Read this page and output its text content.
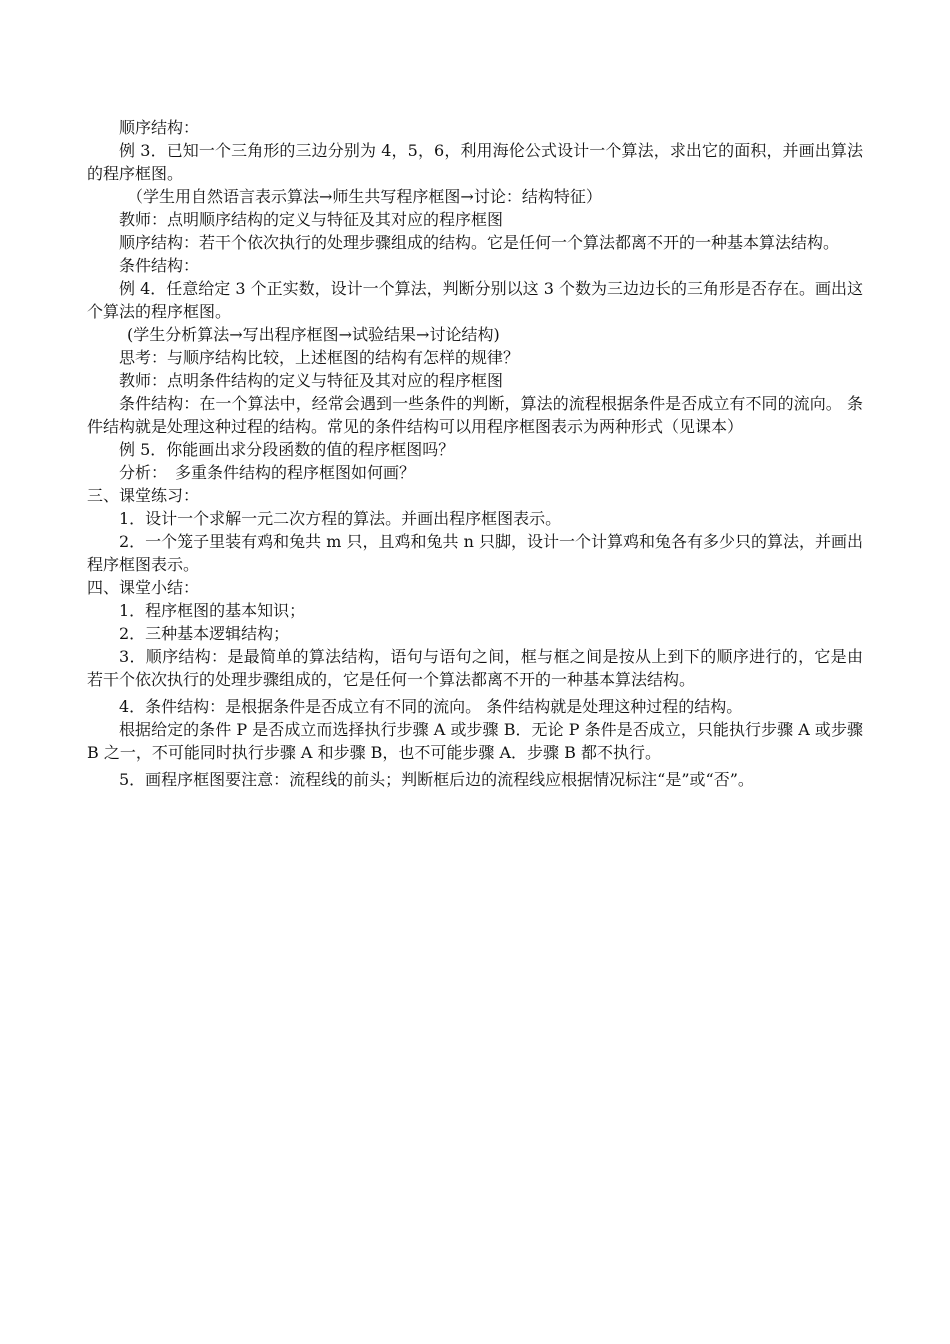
顺序结构：

例 3．已知一个三角形的三边分别为 4，5，6，利用海伦公式设计一个算法，求出它的面积，并画出算法的程序框图。

（学生用自然语言表示算法→师生共写程序框图→讨论：结构特征）

教师：点明顺序结构的定义与特征及其对应的程序框图

顺序结构：若干个依次执行的处理步骤组成的结构。它是任何一个算法都离不开的一种基本算法结构。

条件结构：

例 4．任意给定 3 个正实数，设计一个算法，判断分别以这 3 个数为三边边长的三角形是否存在。画出这个算法的程序框图。

(学生分析算法→写出程序框图→试验结果→讨论结构)

思考：与顺序结构比较，上述框图的结构有怎样的规律？

教师：点明条件结构的定义与特征及其对应的程序框图

条件结构：在一个算法中，经常会遇到一些条件的判断，算法的流程根据条件是否成立有不同的流向。 条件结构就是处理这种过程的结构。常见的条件结构可以用程序框图表示为两种形式（见课本）

例 5．你能画出求分段函数的值的程序框图吗？

分析：　多重条件结构的程序框图如何画？

三、课堂练习：

1．设计一个求解一元二次方程的算法。并画出程序框图表示。

2．一个笼子里装有鸡和兔共 m 只，且鸡和兔共 n 只脚，设计一个计算鸡和兔各有多少只的算法，并画出程序框图表示。

四、课堂小结：

1．程序框图的基本知识；

2．三种基本逻辑结构；

3．顺序结构：是最简单的算法结构，语句与语句之间，框与框之间是按从上到下的顺序进行的，它是由若干个依次执行的处理步骤组成的，它是任何一个算法都离不开的一种基本算法结构。

4．条件结构：是根据条件是否成立有不同的流向。 条件结构就是处理这种过程的结构。

根据给定的条件 P 是否成立而选择执行步骤 A 或步骤 B．无论 P 条件是否成立，只能执行步骤 A 或步骤 B 之一，不可能同时执行步骤 A 和步骤 B，也不可能步骤 A．步骤 B 都不执行。

5．画程序框图要注意：流程线的前头；判断框后边的流程线应根据情况标注“是”或“否”。
